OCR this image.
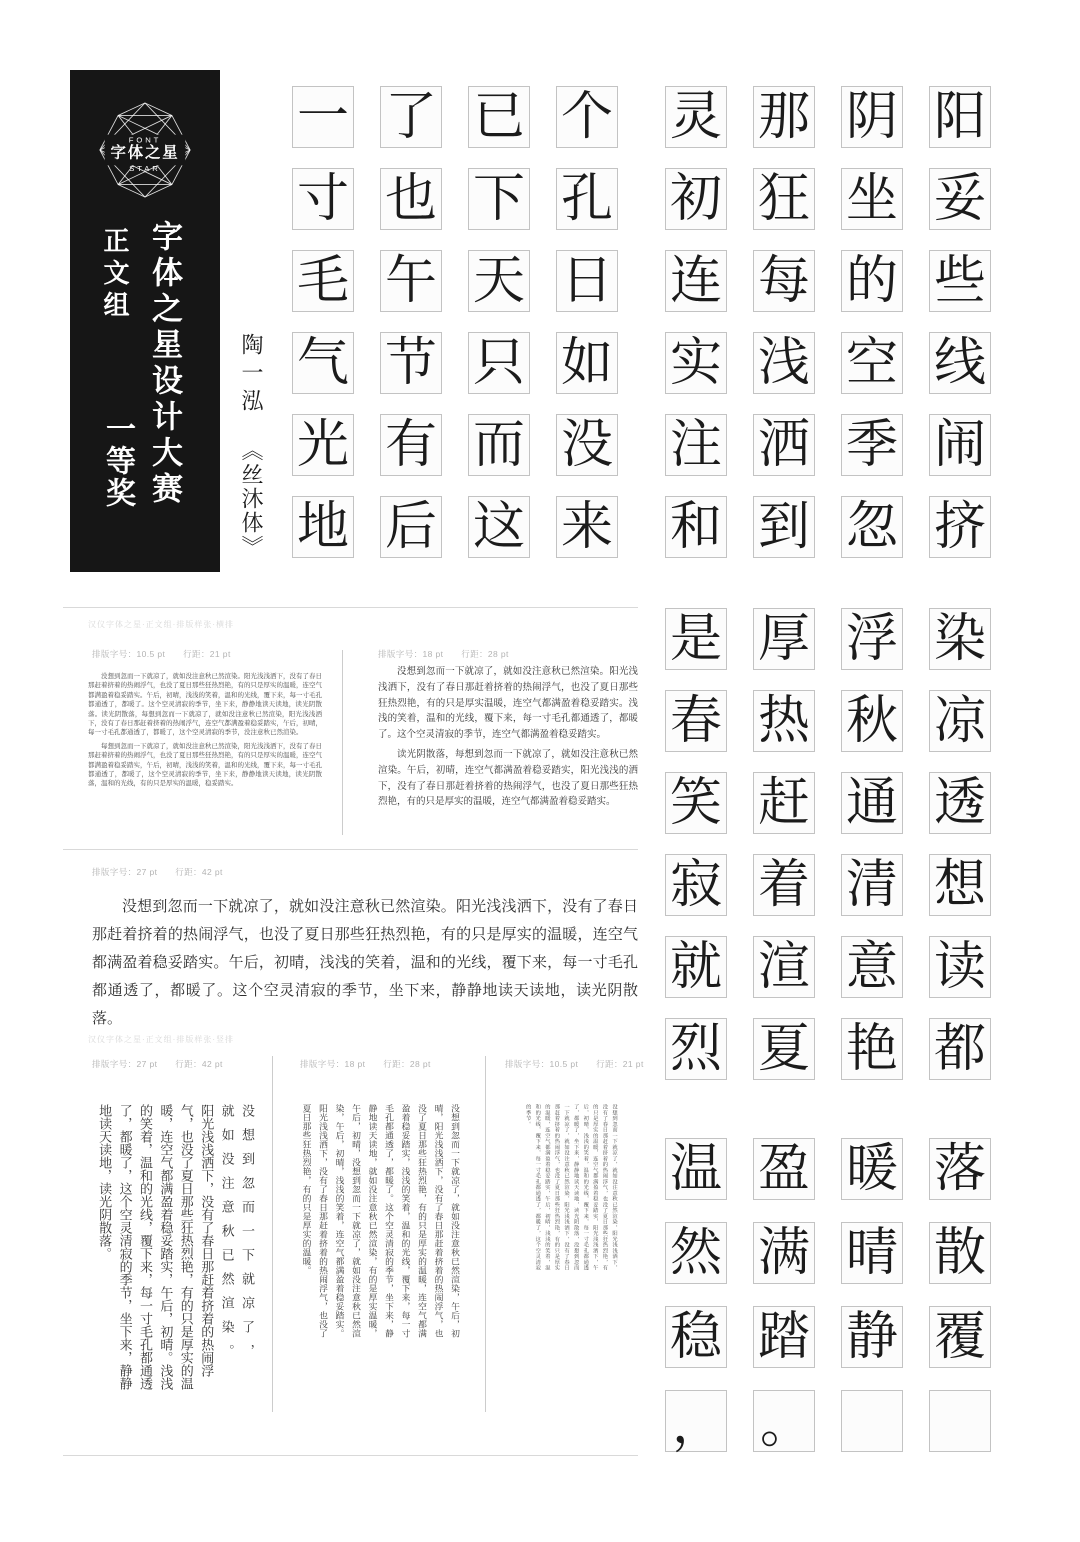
FONT
字体之星
STAR
字体之星设计大赛
正文组
一等奖
陶一泓 《丝沐体》
一 了 已 个
寸 也 下 孔
毛 午 天 日
气 节 只 如
光 有 而 没
地 后 这 来
灵 那 阴 阳
初 狂 坐 妥
连 每 的 些
实 浅 空 线
注 洒 季 闹
和 到 忽 挤
是 厚 浮 染
春 热 秋 凉
笑 赶 通 透
寂 着 清 想
就 渲 意 读
烈 夏 艳 都
温 盈 暖 落
然 满 晴 散
稳 踏 静 覆
， 。
汉仪字体之星·正文组·排版样张·横排
排版字号：10.5 pt　　行距：21 pt

没想到忽而一下就凉了，就如没注意秋已然渲染。阳光浅浅洒下，没有了春日那赶着挤着的热闹浮气，也没了夏日那些狂热烈艳，有的只是厚实的温暖，连空气都满盈着稳妥踏实。午后，初晴，浅浅的笑着，温和的光线，覆下来，每一寸毛孔都通透了，都暖了。这个空灵清寂的季节，坐下来，静静地读天读地，读光阴散落。读光阴散落，每想到忽而一下就凉了，就如没注意秋已然渲染，阳光浅浅洒下，没有了春日那赶着挤着的热闹浮气，连空气都满盈着稳妥踏实，午后，初晴，每一寸毛孔都通透了，都暖了，这个空灵清寂的季节，没注意秋已然渲染。

每想到忽而一下就凉了，就如没注意秋已然渲染，阳光浅浅洒下，没有了春日那赶着挤着的热闹浮气，也没了夏日那些狂热烈艳，有的只是厚实的温暖，连空气都满盈着稳妥踏实，午后，初晴，浅浅的笑着，温和的光线，覆下来，每一寸毛孔都通透了，都暖了，这个空灵清寂的季节，坐下来，静静地读天读地，读光阴散落，温和的光线，有的只是厚实的温暖，稳妥踏实。

排版字号：18 pt　　行距：28 pt

没想到忽而一下就凉了，就如没注意秋已然渲染。阳光浅浅洒下，没有了春日那赶着挤着的热闹浮气，也没了夏日那些狂热烈艳，有的只是厚实温暖，连空气都满盈着稳妥踏实。浅浅的笑着，温和的光线，覆下来，每一寸毛孔都通透了，都暖了。这个空灵清寂的季节，连空气都满盈着稳妥踏实。

读光阴散落，每想到忽而一下就凉了，就如没注意秋已然渲染。午后，初晴，连空气都满盈着稳妥踏实，阳光浅浅的洒下，没有了春日那赶着挤着的热闹浮气，也没了夏日那些狂热烈艳，有的只是厚实的温暖，连空气都满盈着稳妥踏实。

排版字号：27 pt　　行距：42 pt

没想到忽而一下就凉了，就如没注意秋已然渲染。阳光浅浅洒下，没有了春日那赶着挤着的热闹浮气，也没了夏日那些狂热烈艳，有的只是厚实的温暖，连空气都满盈着稳妥踏实。午后，初晴，浅浅的笑着，温和的光线，覆下来，每一寸毛孔都通透了，都暖了。这个空灵清寂的季节，坐下来，静静地读天读地，读光阴散落。

汉仪字体之星·正文组·排版样张·竖排
排版字号：27 pt　　行距：42 pt	排版字号：18 pt　　行距：28 pt	排版字号：10.5 pt　　行距：21 pt
没想到忽而一下就凉了，
就如没注意秋已然渲染。
阳光浅浅洒下，没有了春日那赶着挤着的热闹浮气，也没了夏日那些狂热烈艳，有的只是厚实的温暖，连空气都满盈着稳妥踏实，午后，初晴。浅浅的笑着，温和的光线，覆下来，每一寸毛孔都通透了，都暖了，这个空灵清寂的季节，坐下来，静静地读天读地，读光阴散落。	没想到忽而一下就凉了，就如没注意秋已然渲染，午后，初晴，阳光浅浅洒下，没有了春日那赶着挤着的热闹浮气，也没了夏日那些狂热烈艳，有的只是厚实的温暖，连空气都满盈着稳妥踏实，浅浅的笑着，温和的光线，覆下来，每一寸毛孔都通透了，都暖了。这个空灵清寂的季节，坐下来，静静地读天读地，就如没注意秋已然渲染，有的是厚实温暖，午后，初晴，没想到忽而一下就凉了，就如没注意秋已然渲染，午后，初晴，浅浅的笑着，连空气都满盈着稳妥踏实。阳光浅浅洒下，没有了春日那赶着挤着的热闹浮气，也没了夏日那些狂热烈艳，有的只是厚实的温暖。	没想到忽而一下就凉了，就如没注意秋已然渲染，阳光浅浅洒下，没有了春日那赶着挤着的热闹浮气，也没了夏日那些狂热烈艳，有的只是厚实的温暖，连空气都满盈着稳妥踏实，阳光浅浅洒下，午后，初晴，浅浅的笑着，温和的光线，覆下来，每一寸毛孔都通透了，都暖了，坐下来，静静地读天读地，读光阴散落，没想到忽而一下就凉了，就如没注意秋已然渲染，阳光浅浅洒下，没有了春日那赶着挤着的热闹浮气，也没了夏日那些狂热烈艳，有的只是厚实的温暖，连空气都满盈着稳妥踏实，午后，初晴，浅浅的笑着，温和的光线，覆下来，每一寸毛孔都通透了，都暖了，这个空灵清寂的季节。
